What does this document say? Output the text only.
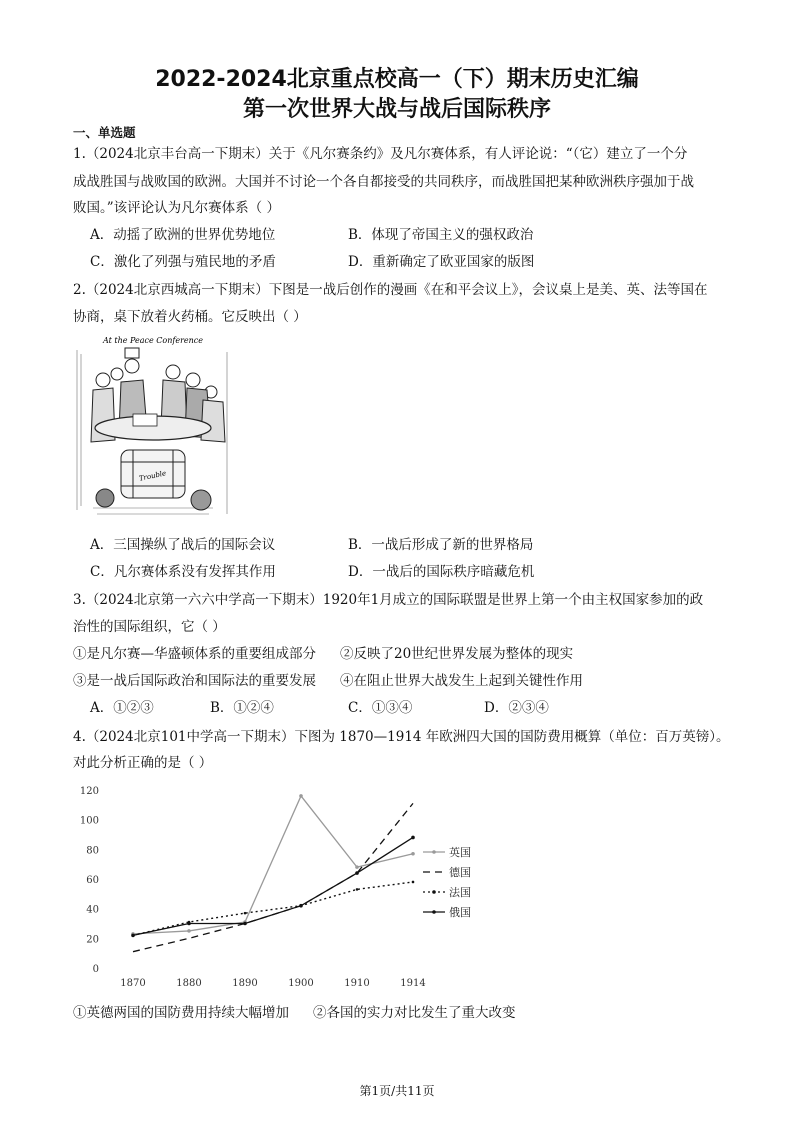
2022-2024北京重点校高一（下）期末历史汇编
第一次世界大战与战后国际秩序
一、单选题
1.（2024北京丰台高一下期末）关于《凡尔赛条约》及凡尔赛体系，有人评论说：“（它）建立了一个分
成战胜国与战败国的欧洲。大国并不讨论一个各自都接受的共同秩序，而战胜国把某种欧洲秩序强加于战
败国。”该评论认为凡尔赛体系（ ）
A．动摇了欧洲的世界优势地位	B．体现了帝国主义的强权政治
C．激化了列强与殖民地的矛盾	D．重新确定了欧亚国家的版图
2.（2024北京西城高一下期末）下图是一战后创作的漫画《在和平会议上》，会议桌上是美、英、法等国在
协商，桌下放着火药桶。它反映出（ ）
At the Peace Conference
Trouble
A．三国操纵了战后的国际会议	B．一战后形成了新的世界格局
C．凡尔赛体系没有发挥其作用	D．一战后的国际秩序暗藏危机
3.（2024北京第一六六中学高一下期末）1920年1月成立的国际联盟是世界上第一个由主权国家参加的政
治性的国际组织，它（ ）
①是凡尔赛—华盛顿体系的重要组成部分 ②反映了20世纪世界发展为整体的现实
③是一战后国际政治和国际法的重要发展 ④在阻止世界大战发生上起到关键性作用
A．①②③	B．①②④	C．①③④	D．②③④
4.（2024北京101中学高一下期末）下图为 1870—1914 年欧洲四大国的国防费用概算（单位：百万英镑）。
对此分析正确的是（ ）
0
20
40
60
80
100
120
1870	1880	1890	1900	1910	1914
英国
德国
法国
俄国
①英德两国的国防费用持续大幅增加 ②各国的实力对比发生了重大改变
第1页/共11页
